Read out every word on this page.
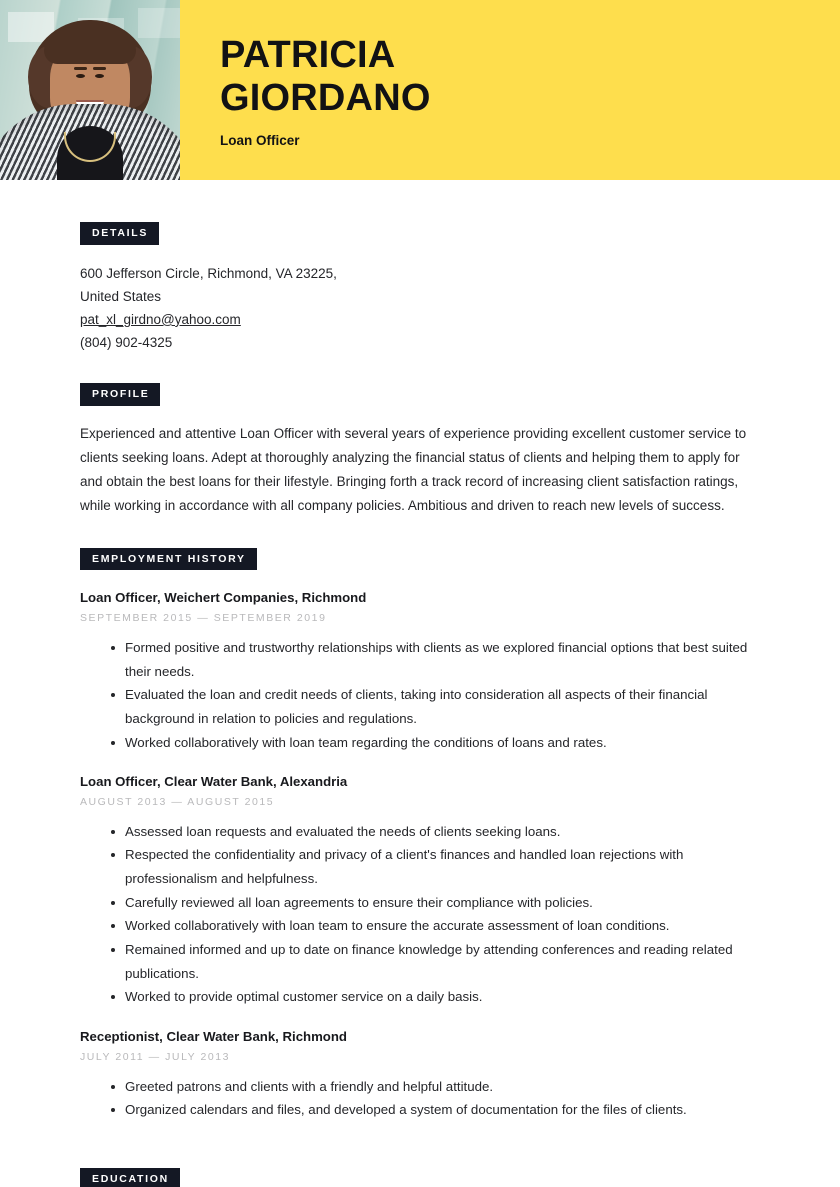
PATRICIA
GIORDANO
Loan Officer
DETAILS
600 Jefferson Circle, Richmond, VA 23225,
United States
pat_xl_girdno@yahoo.com
(804) 902-4325
PROFILE

Experienced and attentive Loan Officer with several years of experience providing excellent customer service to clients seeking loans. Adept at thoroughly analyzing the financial status of clients and helping them to apply for and obtain the best loans for their lifestyle. Bringing forth a track record of increasing client satisfaction ratings, while working in accordance with all company policies. Ambitious and driven to reach new levels of success.

EMPLOYMENT HISTORY
Loan Officer, Weichert Companies, Richmond
SEPTEMBER 2015 — SEPTEMBER 2019
Formed positive and trustworthy relationships with clients as we explored financial options that best suited their needs.
Evaluated the loan and credit needs of clients, taking into consideration all aspects of their financial background in relation to policies and regulations.
Worked collaboratively with loan team regarding the conditions of loans and rates.
Loan Officer, Clear Water Bank, Alexandria
AUGUST 2013 — AUGUST 2015
Assessed loan requests and evaluated the needs of clients seeking loans.
Respected the confidentiality and privacy of a client's finances and handled loan rejections with professionalism and helpfulness.
Carefully reviewed all loan agreements to ensure their compliance with policies.
Worked collaboratively with loan team to ensure the accurate assessment of loan conditions.
Remained informed and up to date on finance knowledge by attending conferences and reading related publications.
Worked to provide optimal customer service on a daily basis.
Receptionist, Clear Water Bank, Richmond
JULY 2011 — JULY 2013
Greeted patrons and clients with a friendly and helpful attitude.
Organized calendars and files, and developed a system of documentation for the files of clients.
EDUCATION
